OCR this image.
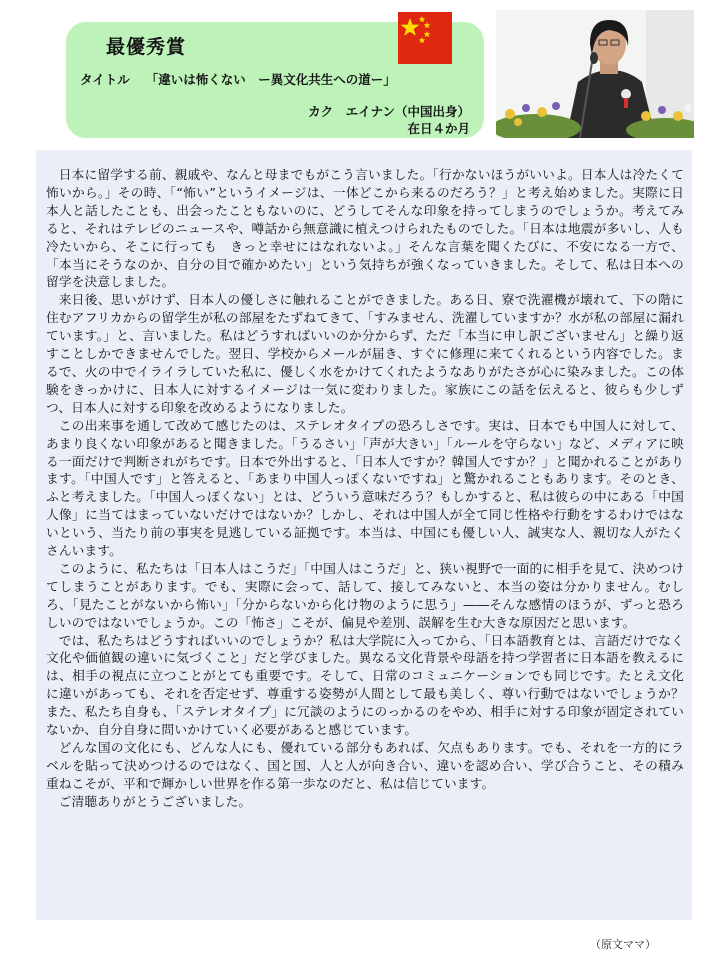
最優秀賞
タイトル 「違いは怖くない　ー異文化共生への道ー」
カク　エイナン（中国出身）
在日４か月

日本に留学する前、親戚や、なんと母までもがこう言いました。「行かないほうがいいよ。日本人は冷たくて怖いから。」その時、「“怖い”というイメージは、一体どこから来るのだろう？」と考え始めました。実際に日本人と話したことも、出会ったこともないのに、どうしてそんな印象を持ってしまうのでしょうか。考えてみると、それはテレビのニュースや、噂話から無意識に植えつけられたものでした。「日本は地震が多いし、人も冷たいから、そこに行っても　きっと幸せにはなれないよ。」そんな言葉を聞くたびに、不安になる一方で、「本当にそうなのか、自分の目で確かめたい」という気持ちが強くなっていきました。そして、私は日本への留学を決意しました。

来日後、思いがけず、日本人の優しさに触れることができました。ある日、寮で洗濯機が壊れて、下の階に住むアフリカからの留学生が私の部屋をたずねてきて、「すみません、洗濯していますか？水が私の部屋に漏れています。」と、言いました。私はどうすればいいのか分からず、ただ「本当に申し訳ございません」と繰り返すことしかできませんでした。翌日、学校からメールが届き、すぐに修理に来てくれるという内容でした。まるで、火の中でイライラしていた私に、優しく水をかけてくれたようなありがたさが心に染みました。この体験をきっかけに、日本人に対するイメージは一気に変わりました。家族にこの話を伝えると、彼らも少しずつ、日本人に対する印象を改めるようになりました。

この出来事を通して改めて感じたのは、ステレオタイプの恐ろしさです。実は、日本でも中国人に対して、あまり良くない印象があると聞きました。「うるさい」「声が大きい」「ルールを守らない」など、メディアに映る一面だけで判断されがちです。日本で外出すると、「日本人ですか？韓国人ですか？」と聞かれることがあります。「中国人です」と答えると、「あまり中国人っぽくないですね」と驚かれることもあります。そのとき、ふと考えました。「中国人っぽくない」とは、どういう意味だろう？もしかすると、私は彼らの中にある「中国人像」に当てはまっていないだけではないか？しかし、それは中国人が全て同じ性格や行動をするわけではないという、当たり前の事実を見逃している証拠です。本当は、中国にも優しい人、誠実な人、親切な人がたくさんいます。

このように、私たちは「日本人はこうだ」「中国人はこうだ」と、狭い視野で一面的に相手を見て、決めつけてしまうことがあります。でも、実際に会って、話して、接してみないと、本当の姿は分かりません。むしろ、「見たことがないから怖い」「分からないから化け物のように思う」――そんな感情のほうが、ずっと恐ろしいのではないでしょうか。この「怖さ」こそが、偏見や差別、誤解を生む大きな原因だと思います。

では、私たちはどうすればいいのでしょうか？私は大学院に入ってから、「日本語教育とは、言語だけでなく文化や価値観の違いに気づくこと」だと学びました。異なる文化背景や母語を持つ学習者に日本語を教えるには、相手の視点に立つことがとても重要です。そして、日常のコミュニケーションでも同じです。たとえ文化に違いがあっても、それを否定せず、尊重する姿勢が人間として最も美しく、尊い行動ではないでしょうか？また、私たち自身も、「ステレオタイプ」に冗談のようにのっかるのをやめ、相手に対する印象が固定されていないか、自分自身に問いかけていく必要があると感じています。

どんな国の文化にも、どんな人にも、優れている部分もあれば、欠点もあります。でも、それを一方的にラベルを貼って決めつけるのではなく、国と国、人と人が向き合い、違いを認め合い、学び合うこと、その積み重ねこそが、平和で輝かしい世界を作る第一歩なのだと、私は信じています。

ご清聴ありがとうございました。

（原文ママ）
